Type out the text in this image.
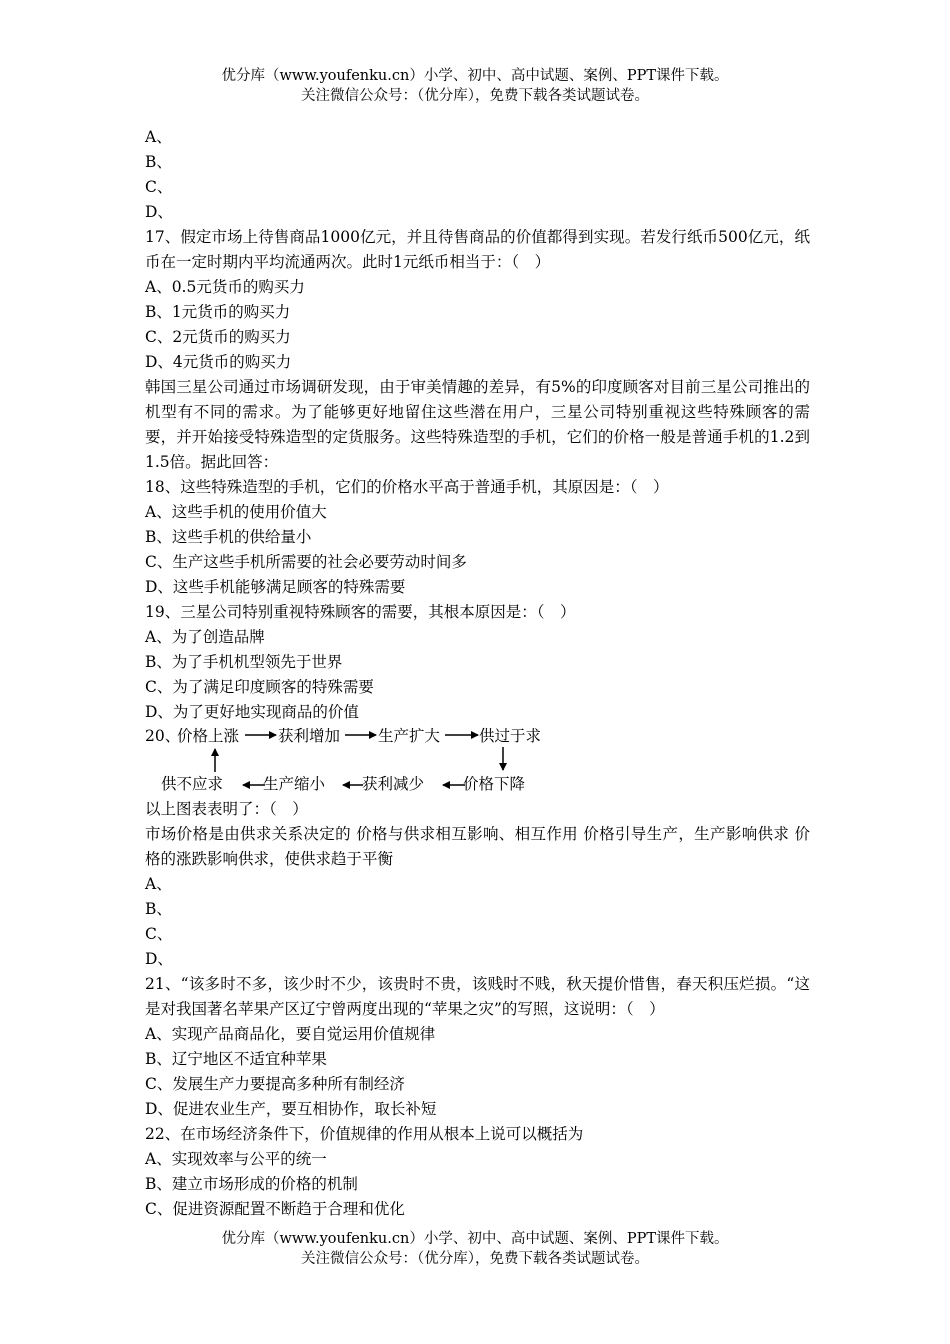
优分库（www.youfenku.cn）小学、初中、高中试题、案例、PPT课件下载。
关注微信公众号：（优分库），免费下载各类试题试卷。
A、
B、
C、
D、
17、假定市场上待售商品1000亿元，并且待售商品的价值都得到实现。若发行纸币500亿元，纸币在一定时期内平均流通两次。此时1元纸币相当于：（　）
A、0.5元货币的购买力
B、1元货币的购买力
C、2元货币的购买力
D、4元货币的购买力
韩国三星公司通过市场调研发现，由于审美情趣的差异，有5%的印度顾客对目前三星公司推出的机型有不同的需求。为了能够更好地留住这些潜在用户，三星公司特别重视这些特殊顾客的需要，并开始接受特殊造型的定货服务。这些特殊造型的手机，它们的价格一般是普通手机的1.2到1.5倍。据此回答：
18、这些特殊造型的手机，它们的价格水平高于普通手机，其原因是：（　）
A、这些手机的使用价值大
B、这些手机的供给量小
C、生产这些手机所需要的社会必要劳动时间多
D、这些手机能够满足顾客的特殊需要
19、三星公司特别重视特殊顾客的需要，其根本原因是：（　）
A、为了创造品牌
B、为了手机机型领先于世界
C、为了满足印度顾客的特殊需要
D、为了更好地实现商品的价值
20、
价格上涨	获利增加 生产扩大	供过于求
供不应求	生产缩小 获利减少	价格下降
以上图表表明了：（　）
市场价格是由供求关系决定的 价格与供求相互影响、相互作用 价格引导生产，生产影响供求 价格的涨跌影响供求，使供求趋于平衡
A、
B、
C、
D、
21、“该多时不多，该少时不少，该贵时不贵，该贱时不贱，秋天提价惜售，春天积压烂损。“这是对我国著名苹果产区辽宁曾两度出现的“苹果之灾”的写照，这说明：（　）
A、实现产品商品化，要自觉运用价值规律
B、辽宁地区不适宜种苹果
C、发展生产力要提高多种所有制经济
D、促进农业生产，要互相协作，取长补短
22、在市场经济条件下，价值规律的作用从根本上说可以概括为
A、实现效率与公平的统一
B、建立市场形成的价格的机制
C、促进资源配置不断趋于合理和优化
优分库（www.youfenku.cn）小学、初中、高中试题、案例、PPT课件下载。
关注微信公众号：（优分库），免费下载各类试题试卷。
